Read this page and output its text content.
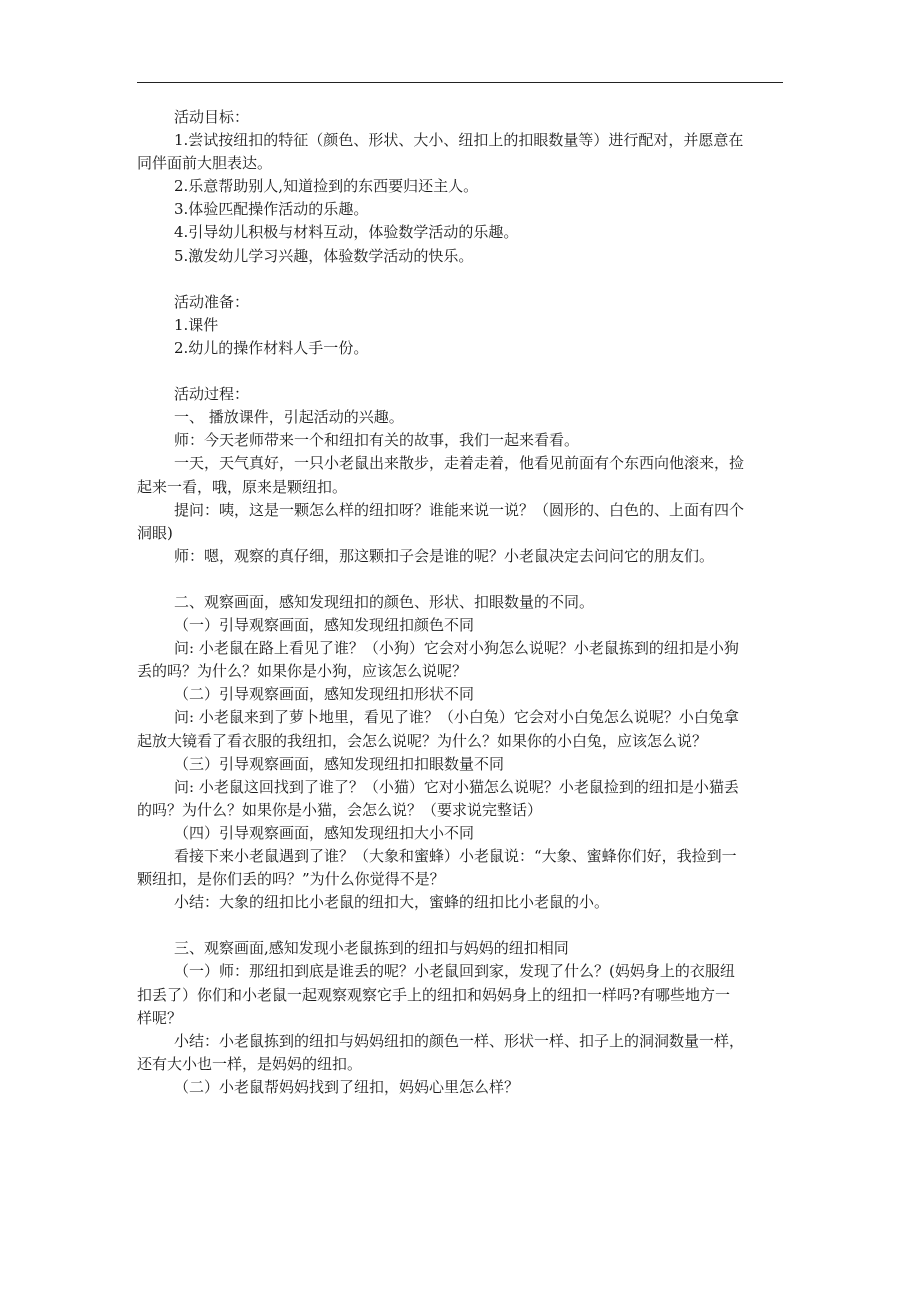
活动目标：
1.尝试按纽扣的特征（颜色、形状、大小、纽扣上的扣眼数量等）进行配对，并愿意在
同伴面前大胆表达。
2.乐意帮助别人,知道捡到的东西要归还主人。
3.体验匹配操作活动的乐趣。
4.引导幼儿积极与材料互动，体验数学活动的乐趣。
5.激发幼儿学习兴趣，体验数学活动的快乐。
活动准备：
1.课件
2.幼儿的操作材料人手一份。
活动过程：
一、 播放课件，引起活动的兴趣。
师：今天老师带来一个和纽扣有关的故事，我们一起来看看。
一天，天气真好，一只小老鼠出来散步，走着走着，他看见前面有个东西向他滚来，捡
起来一看，哦，原来是颗纽扣。
提问：咦，这是一颗怎么样的纽扣呀？谁能来说一说？（圆形的、白色的、上面有四个
洞眼)
师：嗯，观察的真仔细，那这颗扣子会是谁的呢？小老鼠决定去问问它的朋友们。
二、观察画面，感知发现纽扣的颜色、形状、扣眼数量的不同。
（一）引导观察画面，感知发现纽扣颜色不同
问: 小老鼠在路上看见了谁？（小狗）它会对小狗怎么说呢？小老鼠拣到的纽扣是小狗
丢的吗？为什么？如果你是小狗，应该怎么说呢？
（二）引导观察画面，感知发现纽扣形状不同
问: 小老鼠来到了萝卜地里，看见了谁？（小白兔）它会对小白兔怎么说呢？小白兔拿
起放大镜看了看衣服的我纽扣，会怎么说呢？为什么？如果你的小白兔，应该怎么说？
（三）引导观察画面，感知发现纽扣扣眼数量不同
问: 小老鼠这回找到了谁了？（小猫）它对小猫怎么说呢？小老鼠捡到的纽扣是小猫丢
的吗？为什么？如果你是小猫，会怎么说？（要求说完整话）
（四）引导观察画面，感知发现纽扣大小不同
看接下来小老鼠遇到了谁？（大象和蜜蜂）小老鼠说：“大象、蜜蜂你们好，我捡到一
颗纽扣，是你们丢的吗？”为什么你觉得不是？
小结：大象的纽扣比小老鼠的纽扣大，蜜蜂的纽扣比小老鼠的小。
三、观察画面,感知发现小老鼠拣到的纽扣与妈妈的纽扣相同
（一）师：那纽扣到底是谁丢的呢？小老鼠回到家，发现了什么？(妈妈身上的衣服纽
扣丢了）你们和小老鼠一起观察观察它手上的纽扣和妈妈身上的纽扣一样吗?有哪些地方一
样呢？
小结：小老鼠拣到的纽扣与妈妈纽扣的颜色一样、形状一样、扣子上的洞洞数量一样，
还有大小也一样，是妈妈的纽扣。
（二）小老鼠帮妈妈找到了纽扣，妈妈心里怎么样？
